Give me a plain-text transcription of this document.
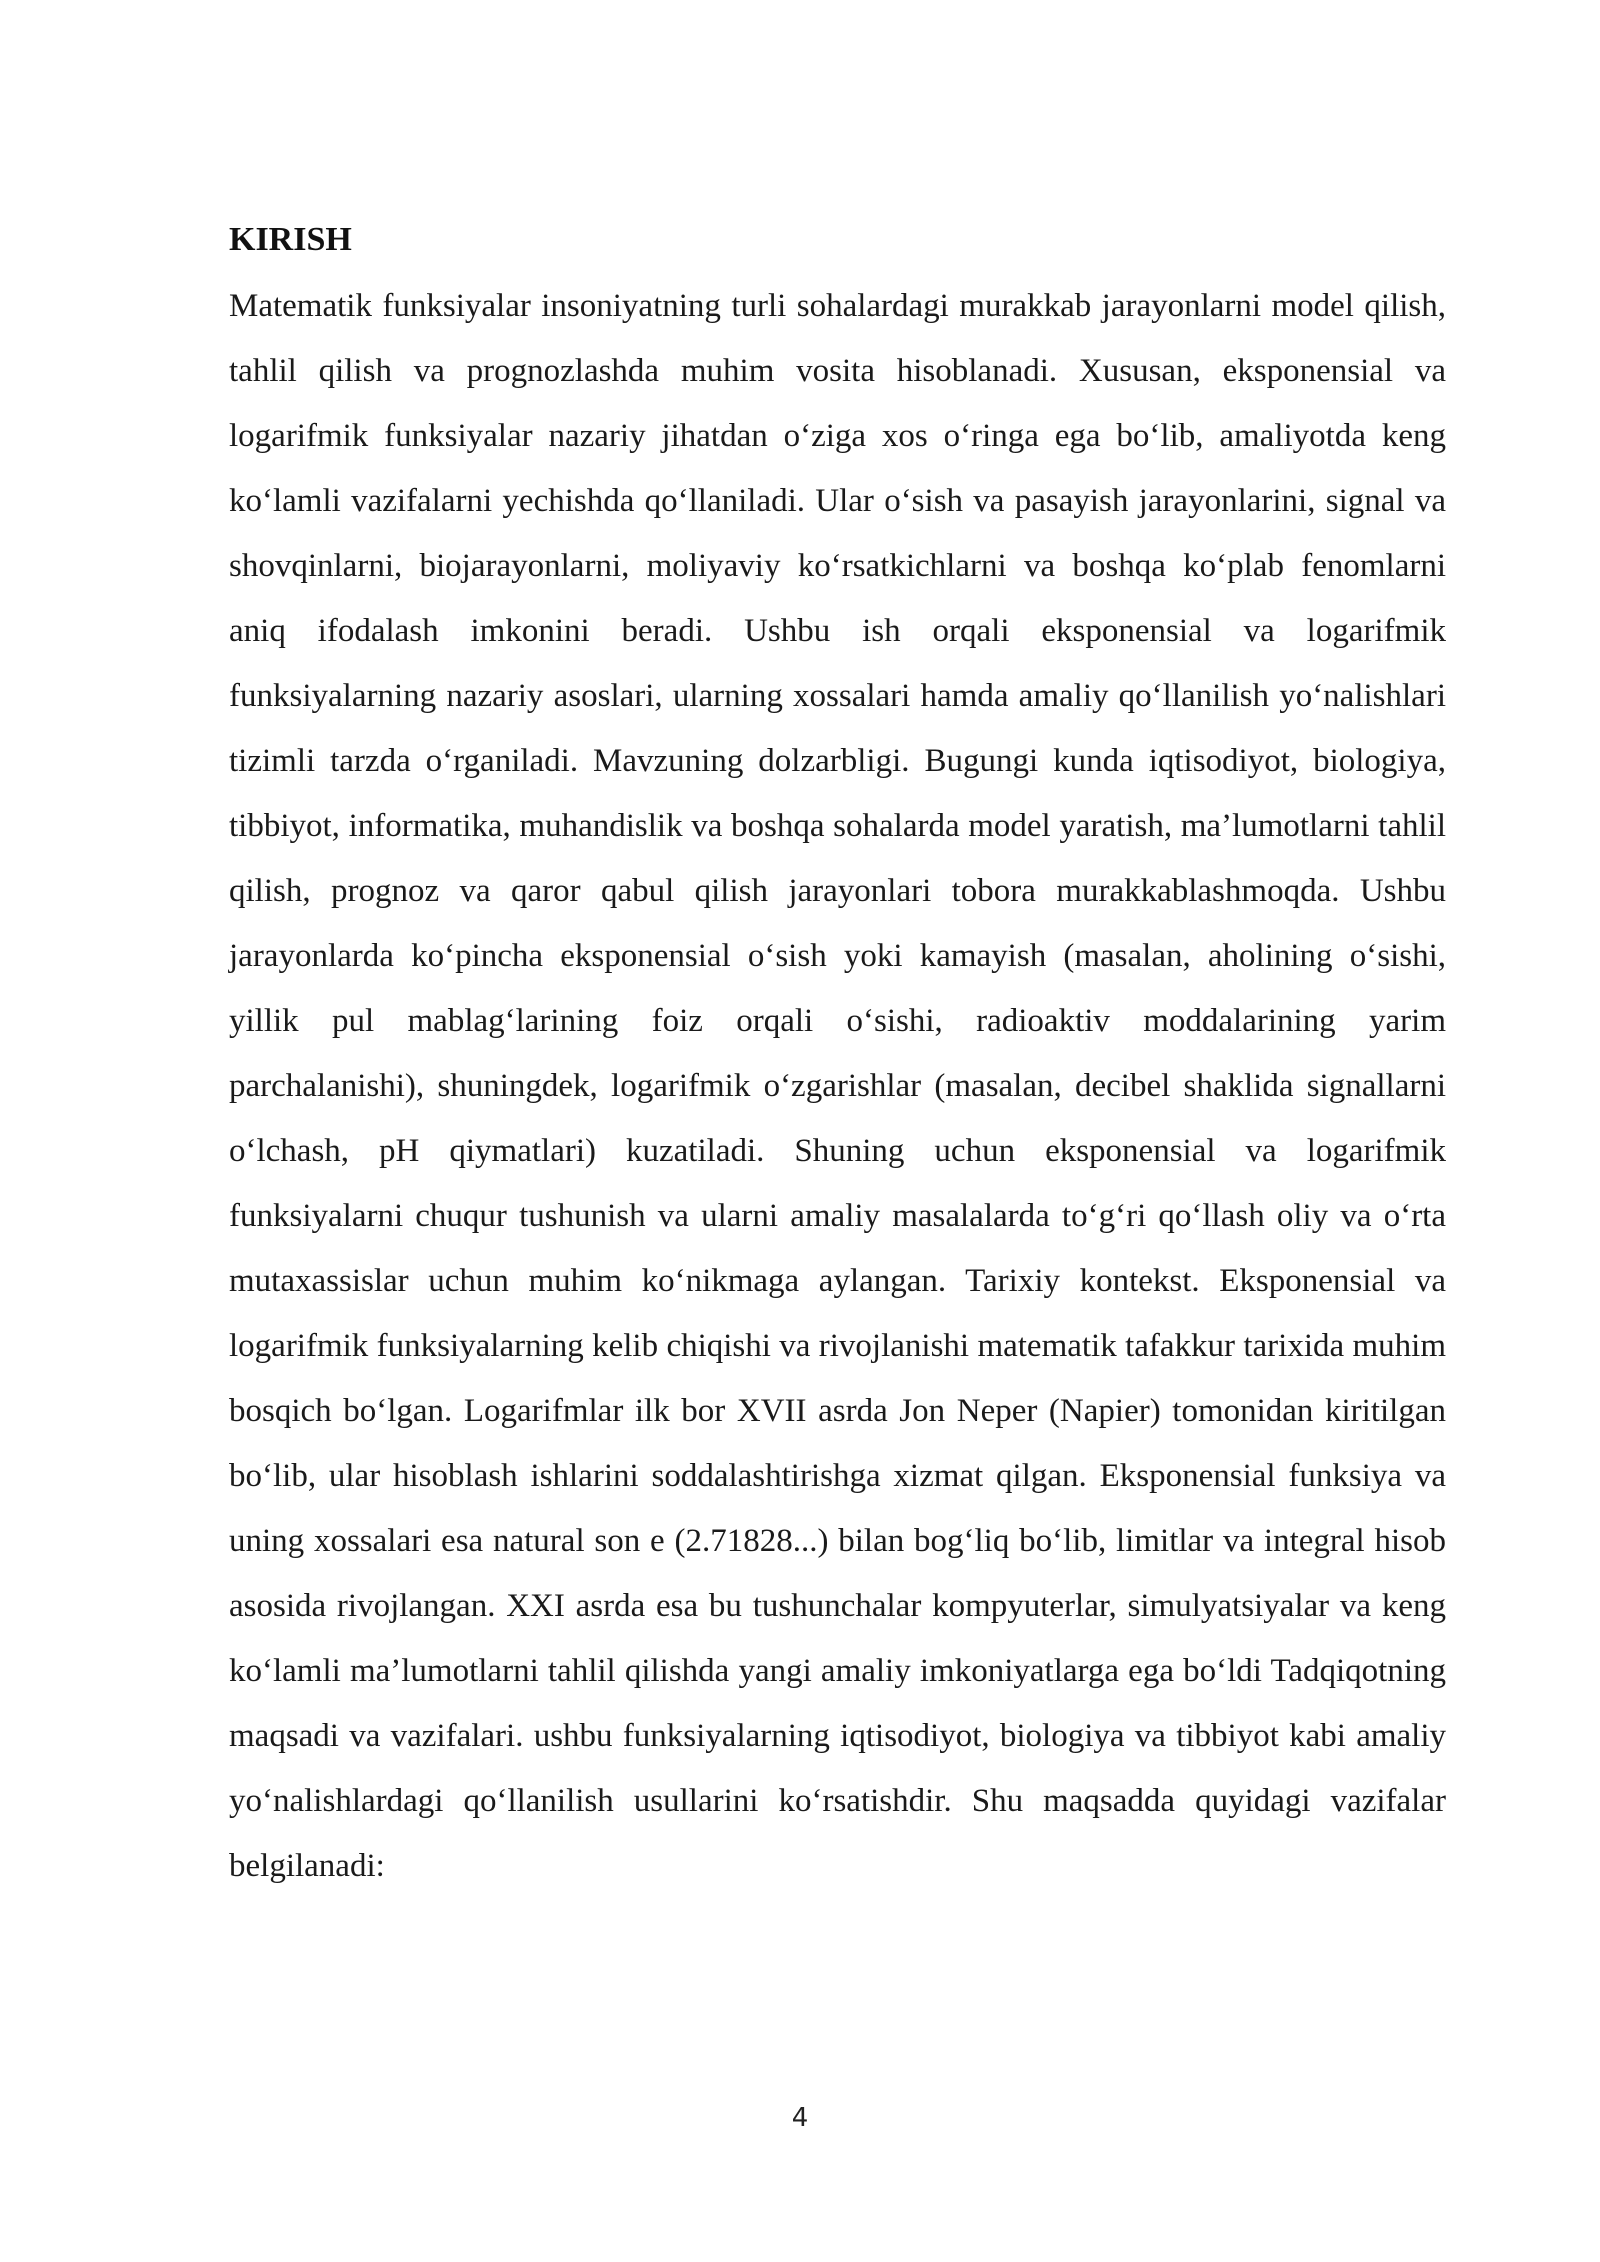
KIRISH

Matematik funksiyalar insoniyatning turli sohalardagi murakkab jarayonlarni model qilish, tahlil qilish va prognozlashda muhim vosita hisoblanadi. Xususan, eksponensial va logarifmik funksiyalar nazariy jihatdan o‘ziga xos o‘ringa ega bo‘lib, amaliyotda keng ko‘lamli vazifalarni yechishda qo‘llaniladi. Ular o‘sish va pasayish jarayonlarini, signal va shovqinlarni, biojarayonlarni, moliyaviy ko‘rsatkichlarni va boshqa ko‘plab fenomlarni aniq ifodalash imkonini beradi. Ushbu ish orqali eksponensial va logarifmik funksiyalarning nazariy asoslari, ularning xossalari hamda amaliy qo‘llanilish yo‘nalishlari tizimli tarzda o‘rganiladi. Mavzuning dolzarbligi. Bugungi kunda iqtisodiyot, biologiya, tibbiyot, informatika, muhandislik va boshqa sohalarda model yaratish, ma’lumotlarni tahlil qilish, prognoz va qaror qabul qilish jarayonlari tobora murakkablashmoqda. Ushbu jarayonlarda ko‘pincha eksponensial o‘sish yoki kamayish (masalan, aholining o‘sishi, yillik pul mablag‘larining foiz orqali o‘sishi, radioaktiv moddalarining yarim parchalanishi), shuningdek, logarifmik o‘zgarishlar (masalan, decibel shaklida signallarni o‘lchash, pH qiymatlari) kuzatiladi. Shuning uchun eksponensial va logarifmik funksiyalarni chuqur tushunish va ularni amaliy masalalarda to‘g‘ri qo‘llash oliy va o‘rta mutaxassislar uchun muhim ko‘nikmaga aylangan. Tarixiy kontekst. Eksponensial va logarifmik funksiyalarning kelib chiqishi va rivojlanishi matematik tafakkur tarixida muhim bosqich bo‘lgan. Logarifmlar ilk bor XVII asrda Jon Neper (Napier) tomonidan kiritilgan bo‘lib, ular hisoblash ishlarini soddalashtirishga xizmat qilgan. Eksponensial funksiya va uning xossalari esa natural son e (2.71828...) bilan bog‘liq bo‘lib, limitlar va integral hisob asosida rivojlangan. XXI asrda esa bu tushunchalar kompyuterlar, simulyatsiyalar va keng ko‘lamli ma’lumotlarni tahlil qilishda yangi amaliy imkoniyatlarga ega bo‘ldi Tadqiqotning maqsadi va vazifalari. ushbu funksiyalarning iqtisodiyot, biologiya va tibbiyot kabi amaliy yo‘nalishlardagi qo‘llanilish usullarini ko‘rsatishdir. Shu maqsadda quyidagi vazifalar belgilanadi:

4
